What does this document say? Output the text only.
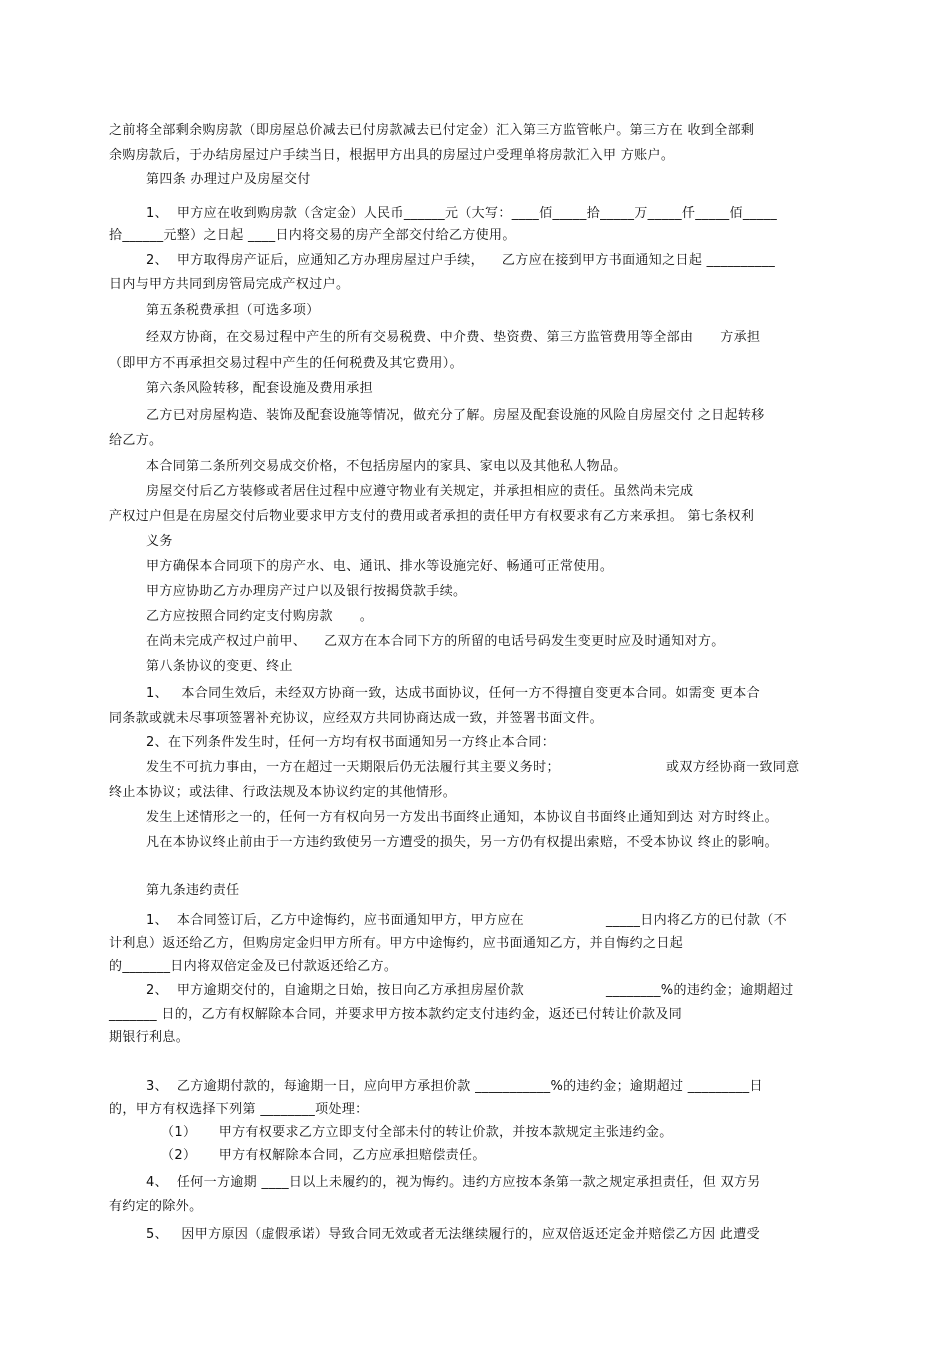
之前将全部剩余购房款（即房屋总价减去已付房款减去已付定金）汇入第三方监管帐户。第三方在 收到全部剩
余购房款后，于办结房屋过户手续当日，根据甲方出具的房屋过户受理单将房款汇入甲 方账户。
第四条 办理过户及房屋交付
1、  甲方应在收到购房款（含定金）人民币______元（大写：____佰_____拾_____万_____仟_____佰_____
拾______元整）之日起 ____日内将交易的房产全部交付给乙方使用。
2、  甲方取得房产证后，应通知乙方办理房屋过户手续，    乙方应在接到甲方书面通知之日起 __________
日内与甲方共同到房管局完成产权过户。
第五条税费承担（可选多项）
经双方协商，在交易过程中产生的所有交易税费、中介费、垫资费、第三方监管费用等全部由      方承担
（即甲方不再承担交易过程中产生的任何税费及其它费用）。
第六条风险转移，配套设施及费用承担
乙方已对房屋构造、装饰及配套设施等情况，做充分了解。房屋及配套设施的风险自房屋交付 之日起转移
给乙方。
本合同第二条所列交易成交价格，不包括房屋内的家具、家电以及其他私人物品。
房屋交付后乙方装修或者居住过程中应遵守物业有关规定，并承担相应的责任。虽然尚未完成
产权过户但是在房屋交付后物业要求甲方支付的费用或者承担的责任甲方有权要求有乙方来承担。 第七条权利
义务
甲方确保本合同项下的房产水、电、通讯、排水等设施完好、畅通可正常使用。
甲方应协助乙方办理房产过户以及银行按揭贷款手续。
乙方应按照合同约定支付购房款      。
在尚未完成产权过户前甲、    乙双方在本合同下方的所留的电话号码发生变更时应及时通知对方。
第八条协议的变更、终止
1、   本合同生效后，未经双方协商一致，达成书面协议，任何一方不得擅自变更本合同。如需变 更本合
同条款或就未尽事项签署补充协议，应经双方共同协商达成一致，并签署书面文件。
2、在下列条件发生时，任何一方均有权书面通知另一方终止本合同：
发生不可抗力事由，一方在超过一天期限后仍无法履行其主要义务时；	或双方经协商一致同意
终止本协议；或法律、行政法规及本协议约定的其他情形。
发生上述情形之一的，任何一方有权向另一方发出书面终止通知，本协议自书面终止通知到达 对方时终止。
凡在本协议终止前由于一方违约致使另一方遭受的损失，另一方仍有权提出索赔，不受本协议 终止的影响。
第九条违约责任
1、  本合同签订后，乙方中途悔约，应书面通知甲方，甲方应在	_____日内将乙方的已付款（不
计利息）返还给乙方，但购房定金归甲方所有。甲方中途悔约，应书面通知乙方，并自悔约之日起
的_______日内将双倍定金及已付款返还给乙方。
2、  甲方逾期交付的，自逾期之日始，按日向乙方承担房屋价款	________%的违约金；逾期超过
_______ 日的，乙方有权解除本合同，并要求甲方按本款约定支付违约金，返还已付转让价款及同
期银行利息。
3、  乙方逾期付款的，每逾期一日，应向甲方承担价款 ___________%的违约金；逾期超过 _________日
的，甲方有权选择下列第 ________项处理：
（1）     甲方有权要求乙方立即支付全部未付的转让价款，并按本款规定主张违约金。
（2）     甲方有权解除本合同，乙方应承担赔偿责任。
4、  任何一方逾期 ____日以上未履约的，视为悔约。违约方应按本条第一款之规定承担责任，但 双方另
有约定的除外。
5、   因甲方原因（虚假承诺）导致合同无效或者无法继续履行的，应双倍返还定金并赔偿乙方因 此遭受
